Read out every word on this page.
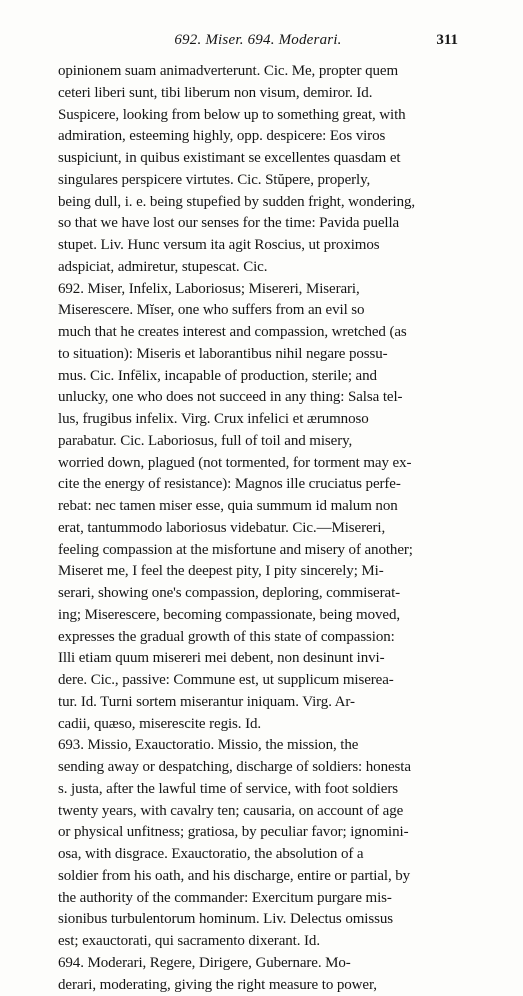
692. Miser. 694. Moderari.	311
opinionem suam animadverterunt. Cic. Me, propter quem
ceteri liberi sunt, tibi liberum non visum, demiror. Id.
Suspicere, looking from below up to something great, with
admiration, esteeming highly, opp. despicere: Eos viros
suspiciunt, in quibus existimant se excellentes quasdam et
singulares perspicere virtutes. Cic. Stŭpere, properly,
being dull, i. e. being stupefied by sudden fright, wondering,
so that we have lost our senses for the time: Pavida puella
stupet. Liv. Hunc versum ita agit Roscius, ut proximos
adspiciat, admiretur, stupescat. Cic.
692. Miser, Infelix, Laboriosus; Misereri, Miserari,
Miserescere. Mĭser, one who suffers from an evil so
much that he creates interest and compassion, wretched (as
to situation): Miseris et laborantibus nihil negare possu-
mus. Cic. Infēlix, incapable of production, sterile; and
unlucky, one who does not succeed in any thing: Salsa tel-
lus, frugibus infelix. Virg. Crux infelici et ærumnoso
parabatur. Cic. Laboriosus, full of toil and misery,
worried down, plagued (not tormented, for torment may ex-
cite the energy of resistance): Magnos ille cruciatus perfe-
rebat: nec tamen miser esse, quia summum id malum non
erat, tantummodo laboriosus videbatur. Cic.—Misereri,
feeling compassion at the misfortune and misery of another;
Miseret me, I feel the deepest pity, I pity sincerely; Mi-
serari, showing one's compassion, deploring, commiserat-
ing; Miserescere, becoming compassionate, being moved,
expresses the gradual growth of this state of compassion:
Illi etiam quum misereri mei debent, non desinunt invi-
dere. Cic., passive: Commune est, ut supplicum miserea-
tur. Id. Turni sortem miserantur iniquam. Virg. Ar-
cadii, quæso, miserescite regis. Id.
693. Missio, Exauctoratio. Missio, the mission, the
sending away or despatching, discharge of soldiers: honesta
s. justa, after the lawful time of service, with foot soldiers
twenty years, with cavalry ten; causaria, on account of age
or physical unfitness; gratiosa, by peculiar favor; ignomini-
osa, with disgrace. Exauctoratio, the absolution of a
soldier from his oath, and his discharge, entire or partial, by
the authority of the commander: Exercitum purgare mis-
sionibus turbulentorum hominum. Liv. Delectus omissus
est; exauctorati, qui sacramento dixerant. Id.
694. Moderari, Regere, Dirigere, Gubernare. Mo-
derari, moderating, giving the right measure to power,
